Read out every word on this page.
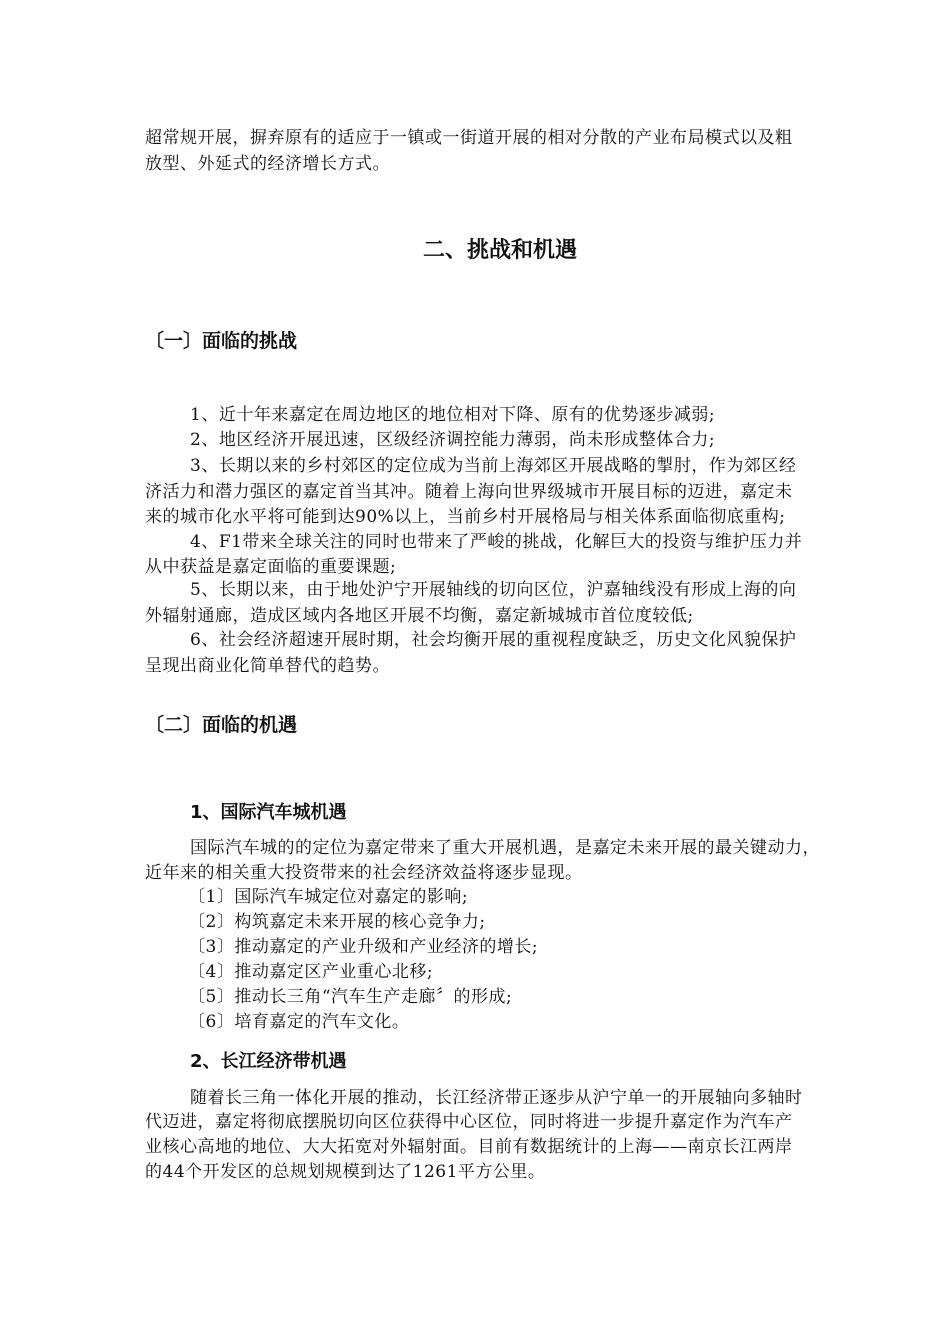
超常规开展，摒弃原有的适应于一镇或一街道开展的相对分散的产业布局模式以及粗
放型、外延式的经济增长方式。
二、挑战和机遇
〔一〕面临的挑战
1、近十年来嘉定在周边地区的地位相对下降、原有的优势逐步减弱;
2、地区经济开展迅速，区级经济调控能力薄弱，尚未形成整体合力;
3、长期以来的乡村郊区的定位成为当前上海郊区开展战略的掣肘，作为郊区经
济活力和潜力强区的嘉定首当其冲。随着上海向世界级城市开展目标的迈进，嘉定未
来的城市化水平将可能到达90%以上，当前乡村开展格局与相关体系面临彻底重构;
4、F1带来全球关注的同时也带来了严峻的挑战，化解巨大的投资与维护压力并
从中获益是嘉定面临的重要课题;
5、长期以来，由于地处沪宁开展轴线的切向区位，沪嘉轴线没有形成上海的向
外辐射通廊，造成区域内各地区开展不均衡，嘉定新城城市首位度较低;
6、社会经济超速开展时期，社会均衡开展的重视程度缺乏，历史文化风貌保护
呈现出商业化简单替代的趋势。
〔二〕面临的机遇
1、国际汽车城机遇
国际汽车城的的定位为嘉定带来了重大开展机遇，是嘉定未来开展的最关键动力，
近年来的相关重大投资带来的社会经济效益将逐步显现。
〔1〕国际汽车城定位对嘉定的影响;
〔2〕构筑嘉定未来开展的核心竞争力;
〔3〕推动嘉定的产业升级和产业经济的增长;
〔4〕推动嘉定区产业重心北移;
〔5〕推动长三角“汽车生产走廊〞的形成;
〔6〕培育嘉定的汽车文化。
2、长江经济带机遇
随着长三角一体化开展的推动，长江经济带正逐步从沪宁单一的开展轴向多轴时
代迈进，嘉定将彻底摆脱切向区位获得中心区位，同时将进一步提升嘉定作为汽车产
业核心高地的地位、大大拓宽对外辐射面。目前有数据统计的上海——南京长江两岸
的44个开发区的总规划规模到达了1261平方公里。
